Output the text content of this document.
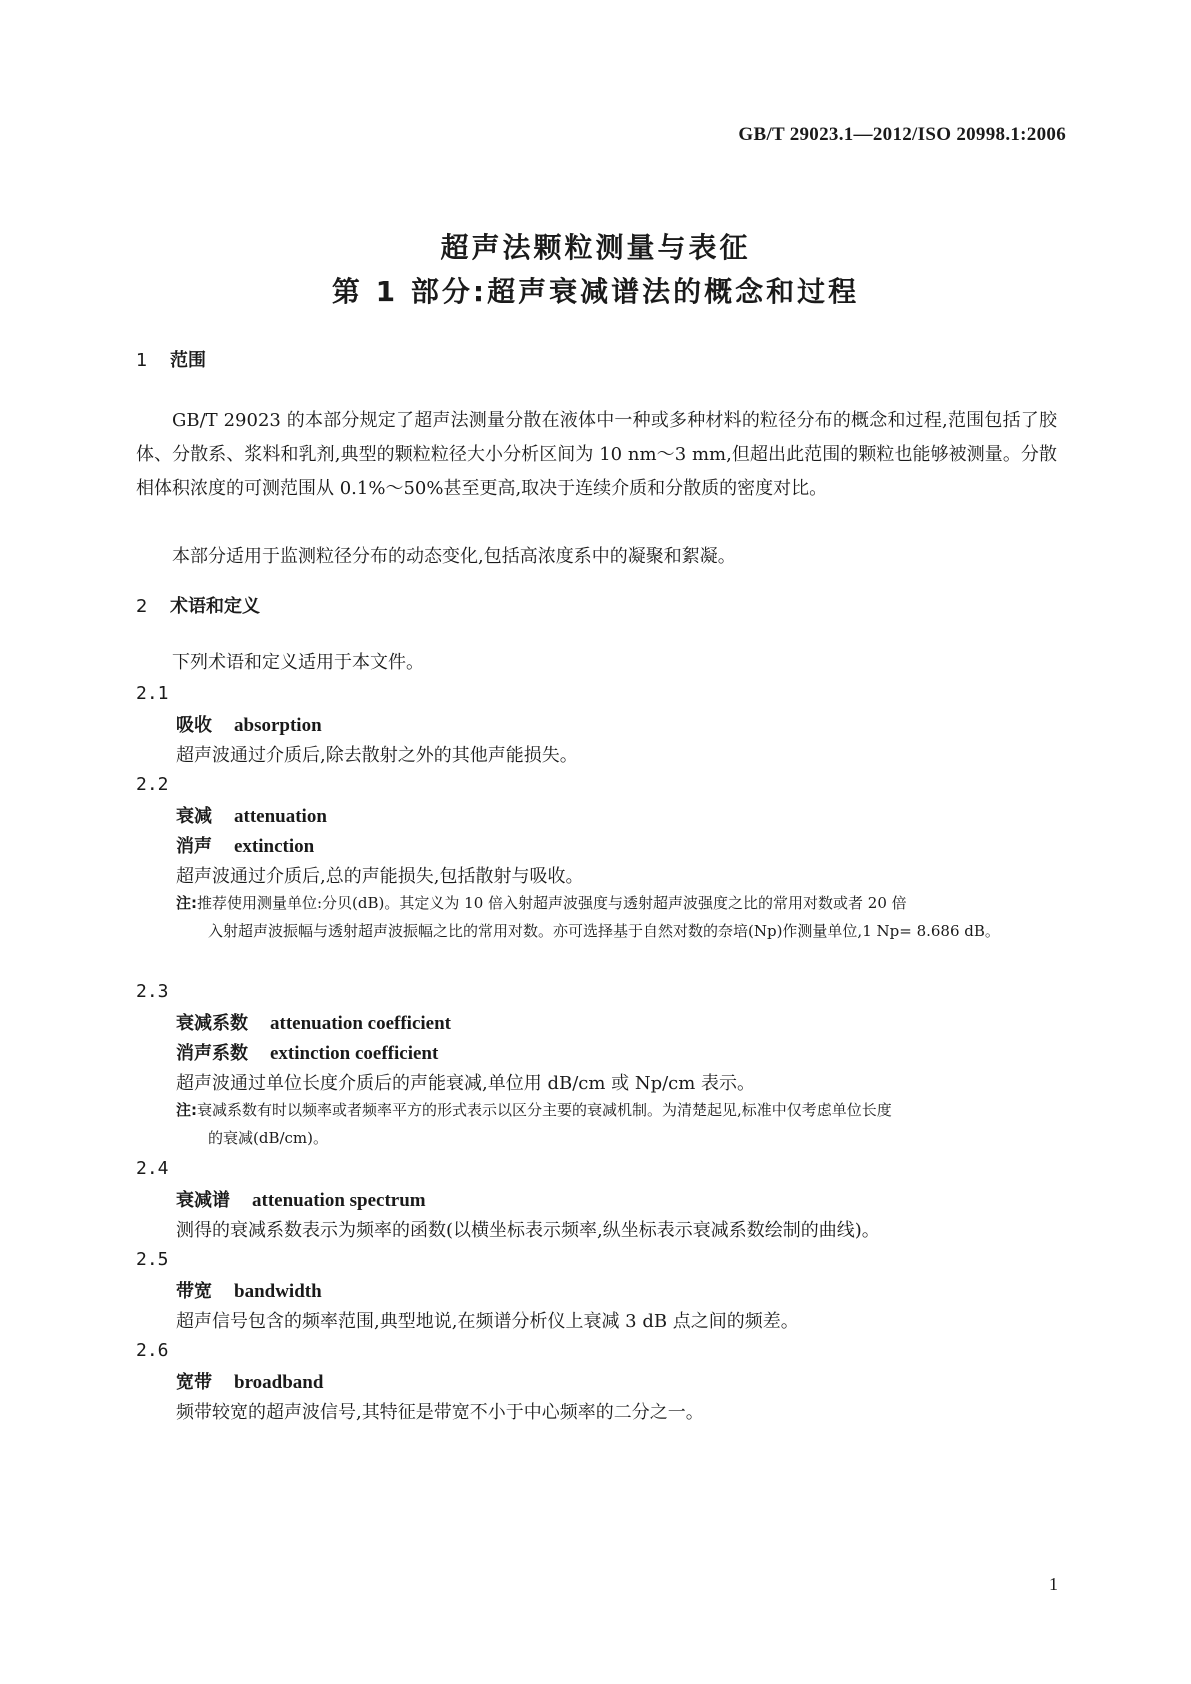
GB/T 29023.1—2012/ISO 20998.1:2006
超声法颗粒测量与表征
第 1 部分:超声衰减谱法的概念和过程
1 范围
GB/T 29023 的本部分规定了超声法测量分散在液体中一种或多种材料的粒径分布的概念和过程,范围包括了胶体、分散系、浆料和乳剂,典型的颗粒粒径大小分析区间为 10 nm～3 mm,但超出此范围的颗粒也能够被测量。分散相体积浓度的可测范围从 0.1%～50%甚至更高,取决于连续介质和分散质的密度对比。
本部分适用于监测粒径分布的动态变化,包括高浓度系中的凝聚和絮凝。
2 术语和定义
下列术语和定义适用于本文件。
2.1
吸收 absorption
超声波通过介质后,除去散射之外的其他声能损失。
2.2
衰减 attenuation
消声 extinction
超声波通过介质后,总的声能损失,包括散射与吸收。
注:推荐使用测量单位:分贝(dB)。其定义为 10 倍入射超声波强度与透射超声波强度之比的常用对数或者 20 倍
入射超声波振幅与透射超声波振幅之比的常用对数。亦可选择基于自然对数的奈培(Np)作测量单位,1 Np= 8.686 dB。
2.3
衰减系数 attenuation coefficient
消声系数 extinction coefficient
超声波通过单位长度介质后的声能衰减,单位用 dB/cm 或 Np/cm 表示。
注:衰减系数有时以频率或者频率平方的形式表示以区分主要的衰减机制。为清楚起见,标准中仅考虑单位长度
的衰减(dB/cm)。
2.4
衰减谱 attenuation spectrum
测得的衰减系数表示为频率的函数(以横坐标表示频率,纵坐标表示衰减系数绘制的曲线)。
2.5
带宽 bandwidth
超声信号包含的频率范围,典型地说,在频谱分析仪上衰减 3 dB 点之间的频差。
2.6
宽带 broadband
频带较宽的超声波信号,其特征是带宽不小于中心频率的二分之一。
1
